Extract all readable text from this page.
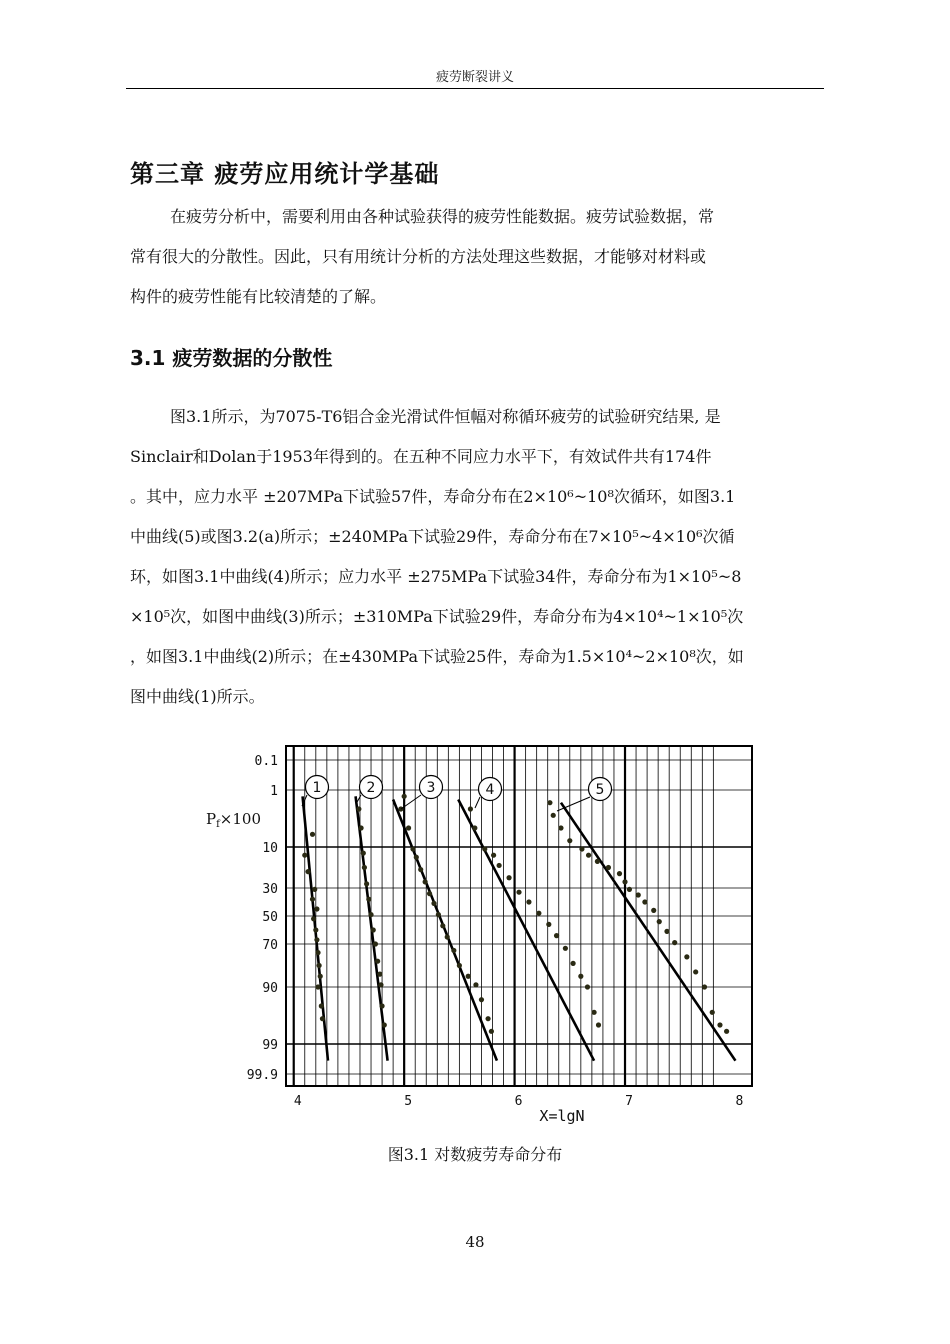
疲劳断裂讲义
第三章 疲劳应用统计学基础

在疲劳分析中，需要利用由各种试验获得的疲劳性能数据。疲劳试验数据，常
常有很大的分散性。因此，只有用统计分析的方法处理这些数据，才能够对材料或
构件的疲劳性能有比较清楚的了解。

3.1 疲劳数据的分散性

图3.1所示，为7075-T6铝合金光滑试件恒幅对称循环疲劳的试验研究结果, 是
Sinclair和Dolan于1953年得到的。在五种不同应力水平下，有效试件共有174件
。其中，应力水平 ±207MPa下试验57件，寿命分布在2×10⁶~10⁸次循环，如图3.1
中曲线(5)或图3.2(a)所示；±240MPa下试验29件，寿命分布在7×10⁵~4×10⁶次循
环，如图3.1中曲线(4)所示；应力水平 ±275MPa下试验34件，寿命分布为1×10⁵~8
×10⁵次，如图中曲线(3)所示；±310MPa下试验29件，寿命分布为4×10⁴~1×10⁵次
，如图3.1中曲线(2)所示；在±430MPa下试验25件，寿命为1.5×10⁴~2×10⁸次，如
图中曲线(1)所示。

0.1
1
10
30
50
70
90
99
99.9
4	5	6	7	8
X=lgN
$P_f\times 100$
1	2	3	4	5
图3.1 对数疲劳寿命分布
48
